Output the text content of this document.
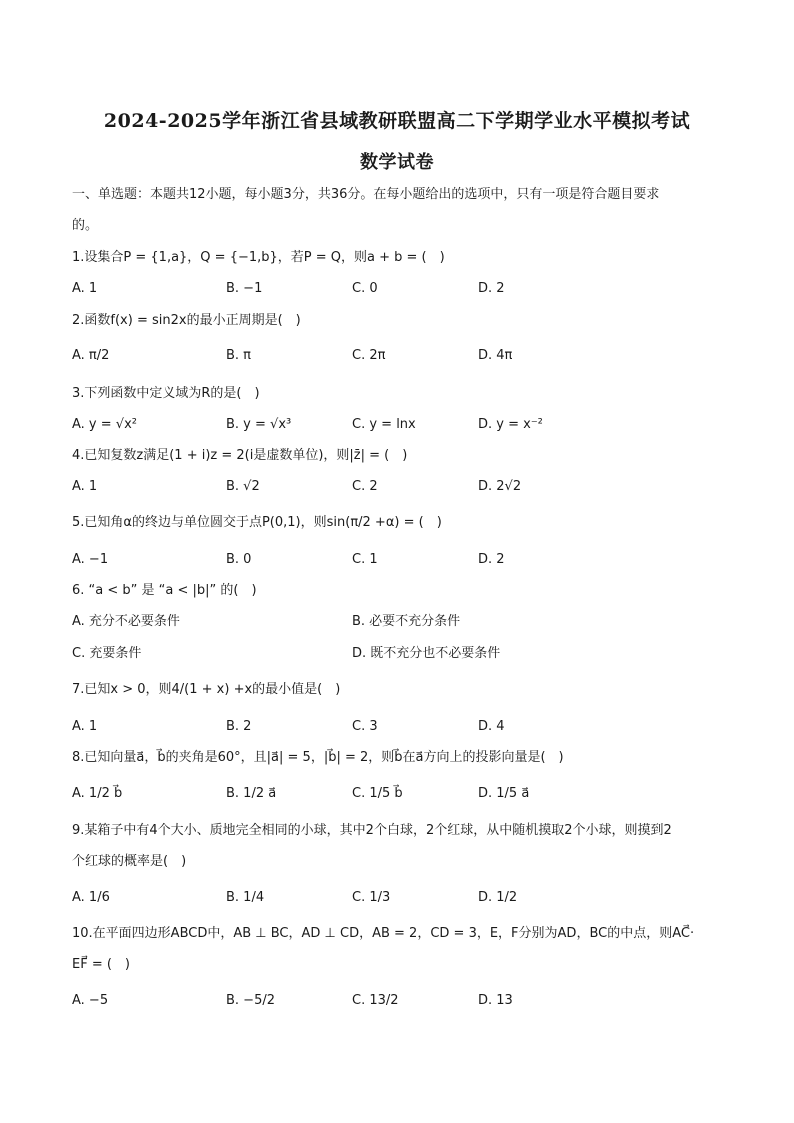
2024-2025学年浙江省县域教研联盟高二下学期学业水平模拟考试
数学试卷
一、单选题：本题共12小题，每小题3分，共36分。在每小题给出的选项中，只有一项是符合题目要求
的。
1.设集合P = {1,a}，Q = {−1,b}，若P = Q，则a + b = (　)
A. 1	B. −1	C. 0	D. 2
2.函数f(x) = sin2x的最小正周期是(　)
A. π/2	B. π	C. 2π	D. 4π
3.下列函数中定义域为R的是(　)
A. y = √x²	B. y = √x³	C. y = lnx	D. y = x⁻²
4.已知复数z满足(1 + i)z = 2(i是虚数单位)，则|z̄| = (　)
A. 1	B. √2	C. 2	D. 2√2
5.已知角α的终边与单位圆交于点P(0,1)，则sin(π/2 +α) = (　)
A. −1	B. 0	C. 1	D. 2
6. “a < b” 是 “a < |b|” 的(　)
A. 充分不必要条件	B. 必要不充分条件
C. 充要条件	D. 既不充分也不必要条件
7.已知x > 0，则4/(1 + x) +x的最小值是(　)
A. 1	B. 2	C. 3	D. 4
8.已知向量a⃗，b⃗的夹角是60°，且|a⃗| = 5，|b⃗| = 2，则b⃗在a⃗方向上的投影向量是(　)
A. 1/2 b⃗	B. 1/2 a⃗	C. 1/5 b⃗	D. 1/5 a⃗
9.某箱子中有4个大小、质地完全相同的小球，其中2个白球，2个红球，从中随机摸取2个小球，则摸到2
个红球的概率是(　)
A. 1/6	B. 1/4	C. 1/3	D. 1/2
10.在平面四边形ABCD中，AB ⊥ BC，AD ⊥ CD，AB = 2，CD = 3，E，F分别为AD，BC的中点，则AC⃗·
EF⃗ = (　)
A. −5	B. −5/2	C. 13/2	D. 13
